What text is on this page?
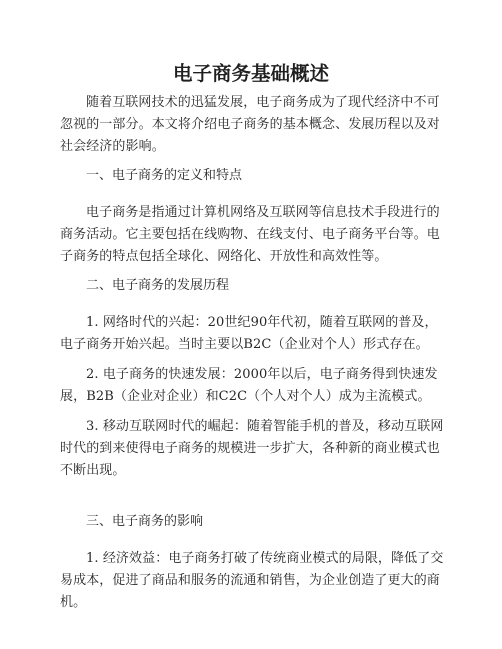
电子商务基础概述

随着互联网技术的迅猛发展，电子商务成为了现代经济中不可忽视的一部分。本文将介绍电子商务的基本概念、发展历程以及对社会经济的影响。

一、电子商务的定义和特点

电子商务是指通过计算机网络及互联网等信息技术手段进行的商务活动。它主要包括在线购物、在线支付、电子商务平台等。电子商务的特点包括全球化、网络化、开放性和高效性等。

二、电子商务的发展历程

1. 网络时代的兴起：20世纪90年代初，随着互联网的普及，电子商务开始兴起。当时主要以B2C（企业对个人）形式存在。

2. 电子商务的快速发展：2000年以后，电子商务得到快速发展，B2B（企业对企业）和C2C（个人对个人）成为主流模式。

3. 移动互联网时代的崛起：随着智能手机的普及，移动互联网时代的到来使得电子商务的规模进一步扩大，各种新的商业模式也不断出现。

三、电子商务的影响

1. 经济效益：电子商务打破了传统商业模式的局限，降低了交易成本，促进了商品和服务的流通和销售，为企业创造了更大的商机。
